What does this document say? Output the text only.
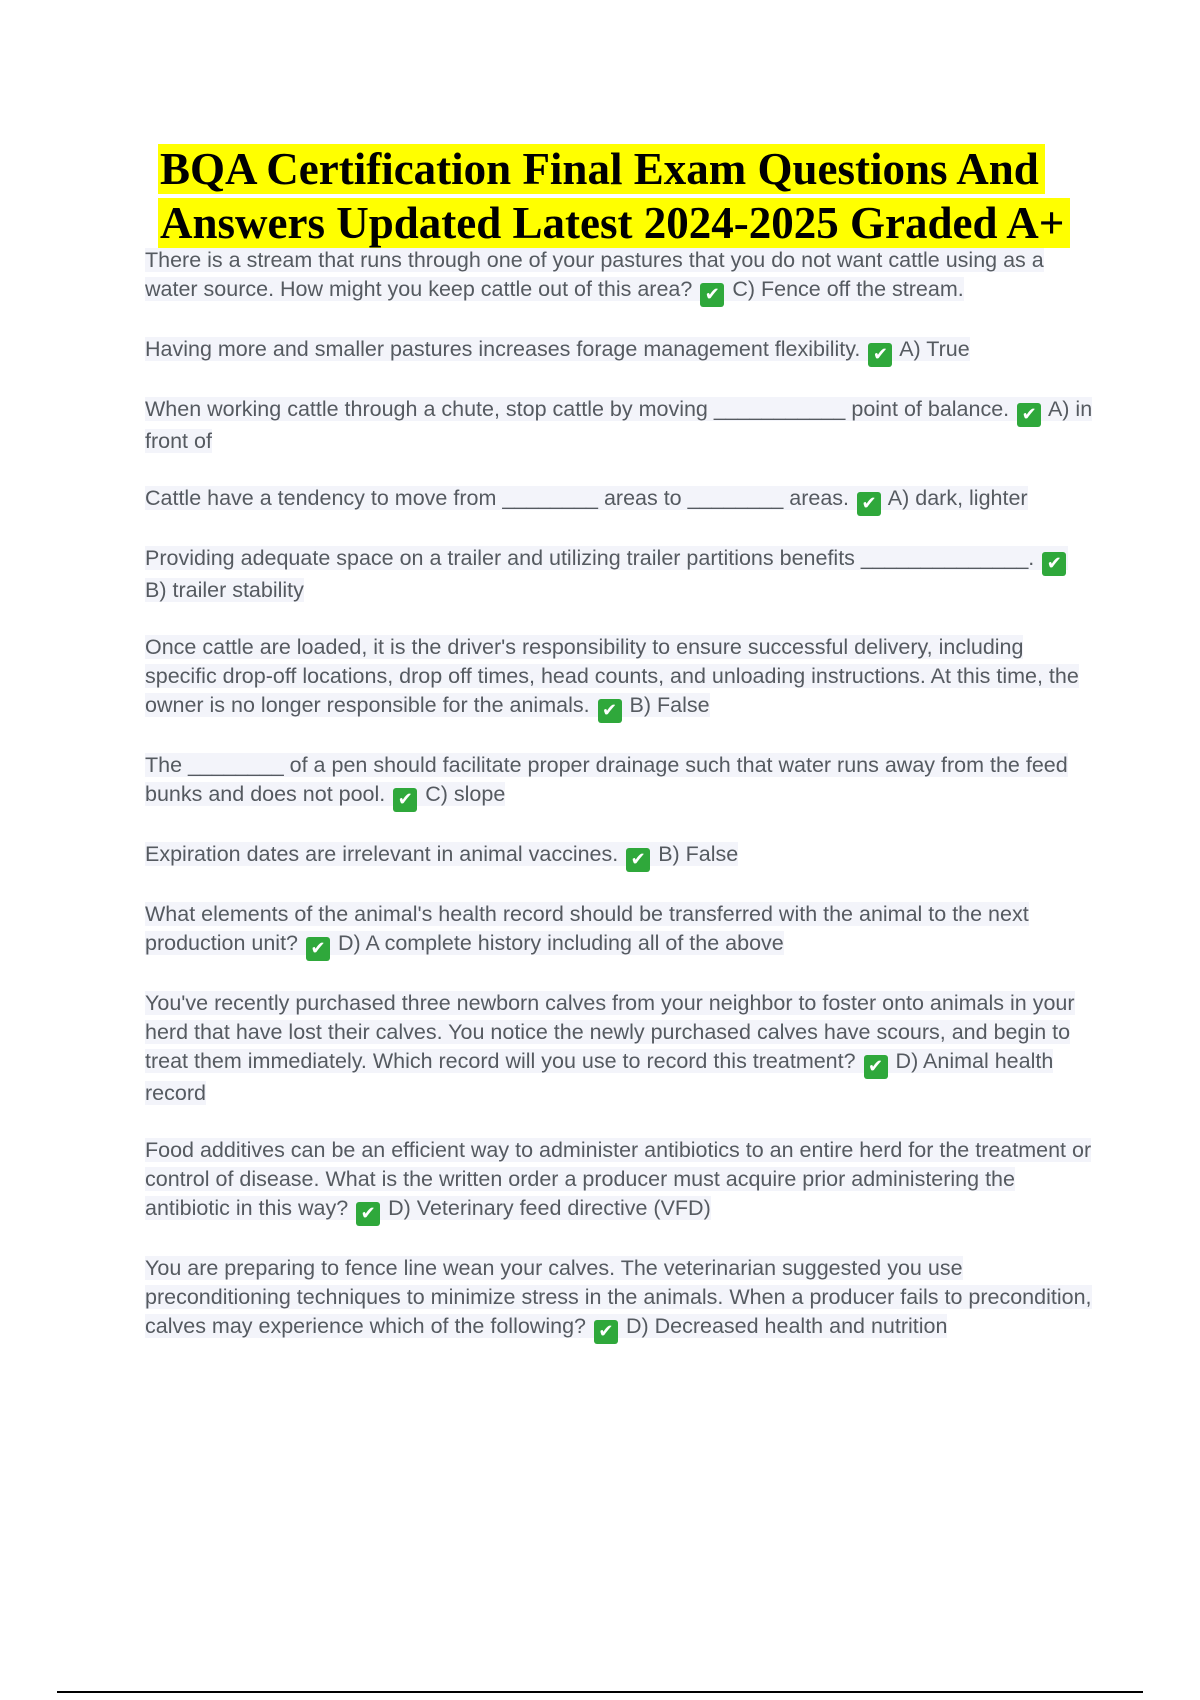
BQA Certification Final Exam Questions And Answers Updated Latest 2024-2025 Graded A+

There is a stream that runs through one of your pastures that you do not want cattle using as a water source. How might you keep cattle out of this area? ✔ C) Fence off the stream.

Having more and smaller pastures increases forage management flexibility. ✔ A) True

When working cattle through a chute, stop cattle by moving ___________ point of balance. ✔ A) in front of

Cattle have a tendency to move from ________ areas to ________ areas. ✔ A) dark, lighter

Providing adequate space on a trailer and utilizing trailer partitions benefits ______________. ✔ B) trailer stability

Once cattle are loaded, it is the driver's responsibility to ensure successful delivery, including specific drop-off locations, drop off times, head counts, and unloading instructions. At this time, the owner is no longer responsible for the animals. ✔ B) False

The ________ of a pen should facilitate proper drainage such that water runs away from the feed bunks and does not pool. ✔ C) slope

Expiration dates are irrelevant in animal vaccines. ✔ B) False

What elements of the animal's health record should be transferred with the animal to the next production unit? ✔ D) A complete history including all of the above

You've recently purchased three newborn calves from your neighbor to foster onto animals in your herd that have lost their calves. You notice the newly purchased calves have scours, and begin to treat them immediately. Which record will you use to record this treatment? ✔ D) Animal health record

Food additives can be an efficient way to administer antibiotics to an entire herd for the treatment or control of disease. What is the written order a producer must acquire prior administering the antibiotic in this way? ✔ D) Veterinary feed directive (VFD)

You are preparing to fence line wean your calves. The veterinarian suggested you use preconditioning techniques to minimize stress in the animals. When a producer fails to precondition, calves may experience which of the following? ✔ D) Decreased health and nutrition
